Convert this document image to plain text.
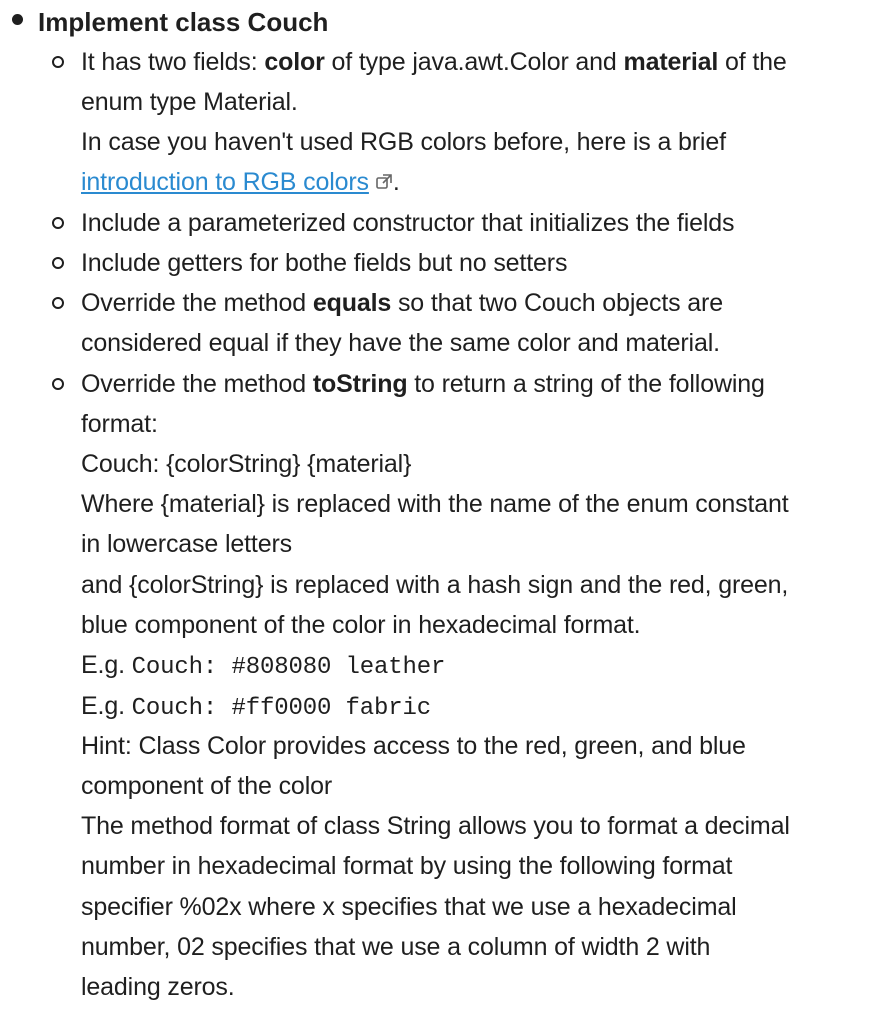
Implement class Couch
It has two fields: color of type java.awt.Color and material of the
enum type Material.
In case you haven't used RGB colors before, here is a brief
introduction to RGB colors .
Include a parameterized constructor that initializes the fields
Include getters for bothe fields but no setters
Override the method equals so that two Couch objects are
considered equal if they have the same color and material.
Override the method toString to return a string of the following
format:
Couch: {colorString} {material}
Where {material} is replaced with the name of the enum constant
in lowercase letters
and {colorString} is replaced with a hash sign and the red, green,
blue component of the color in hexadecimal format.
E.g. Couch: #808080 leather
E.g. Couch: #ff0000 fabric
Hint: Class Color provides access to the red, green, and blue
component of the color
The method format of class String allows you to format a decimal
number in hexadecimal format by using the following format
specifier %02x where x specifies that we use a hexadecimal
number, 02 specifies that we use a column of width 2 with
leading zeros.
